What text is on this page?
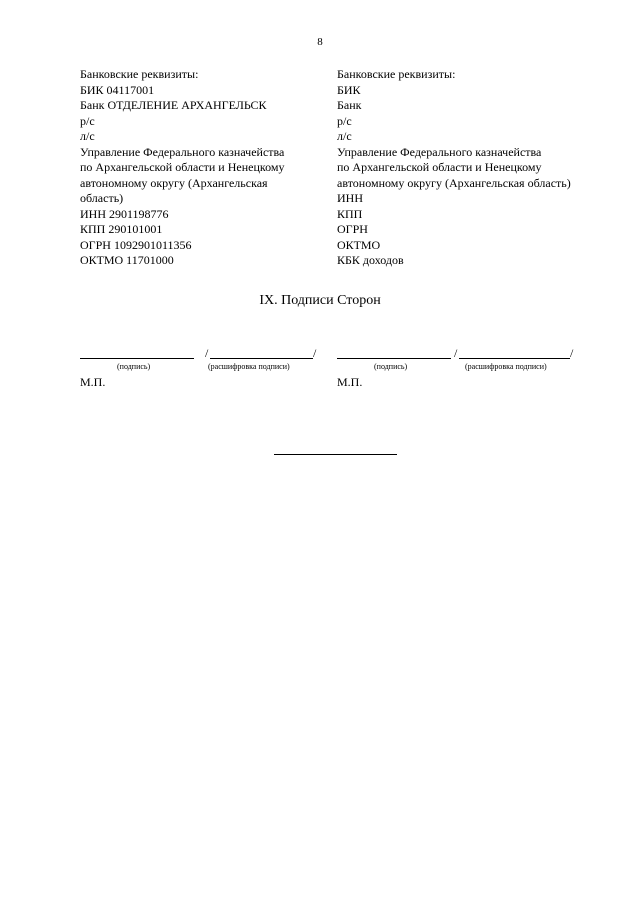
8
Банковские реквизиты:
БИК 04117001
Банк ОТДЕЛЕНИЕ АРХАНГЕЛЬСК
р/с
л/с
Управление Федерального казначейства
по Архангельской области и Ненецкому
автономному округу (Архангельская
область)
ИНН 2901198776
КПП 290101001
ОГРН 1092901011356
ОКТМО 11701000
Банковские реквизиты:
БИК
Банк
р/с
л/с
Управление Федерального казначейства
по Архангельской области и Ненецкому
автономному округу (Архангельская область)
ИНН
КПП
ОГРН
ОКТМО
КБК доходов
IX. Подписи Сторон
/	/
(подпись)	(расшифровка подписи)
М.П.
/	/
(подпись)	(расшифровка подписи)
М.П.
